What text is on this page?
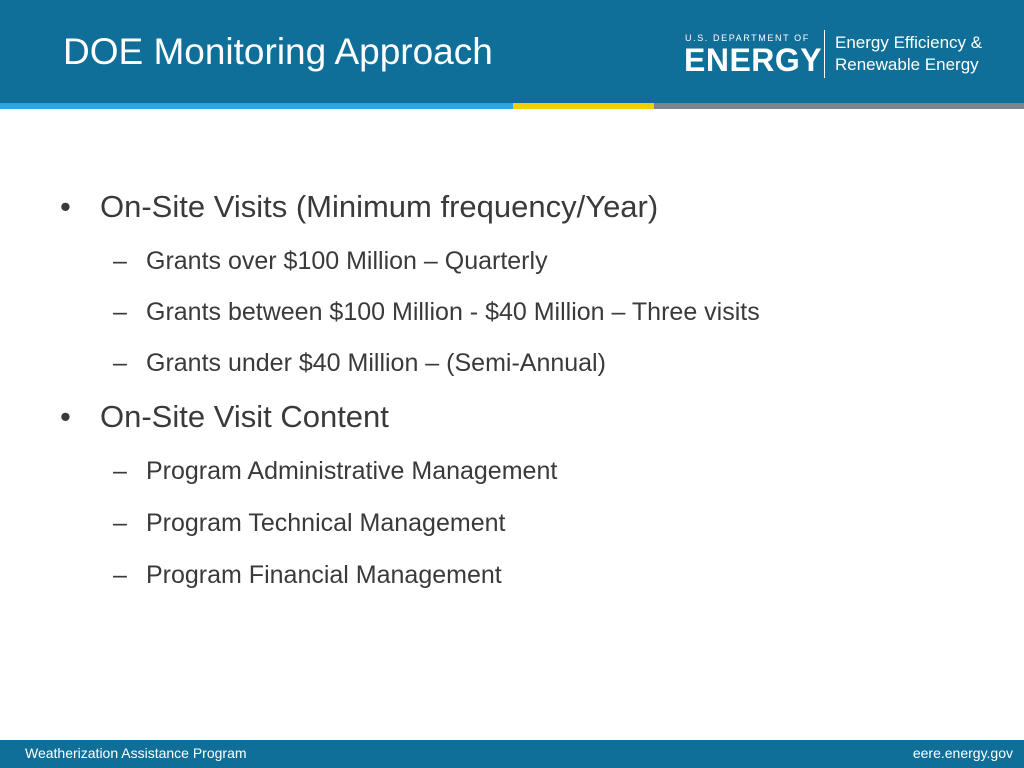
DOE Monitoring Approach	U.S. DEPARTMENT OF
ENERGY Energy Efficiency &
Renewable Energy
• On-Site Visits (Minimum frequency/Year)
– Grants over $100 Million – Quarterly
– Grants between $100 Million - $40 Million – Three visits
– Grants under $40 Million – (Semi-Annual)
• On-Site Visit Content
– Program Administrative Management
– Program Technical Management
– Program Financial Management
Weatherization Assistance Program	eere.energy.gov
